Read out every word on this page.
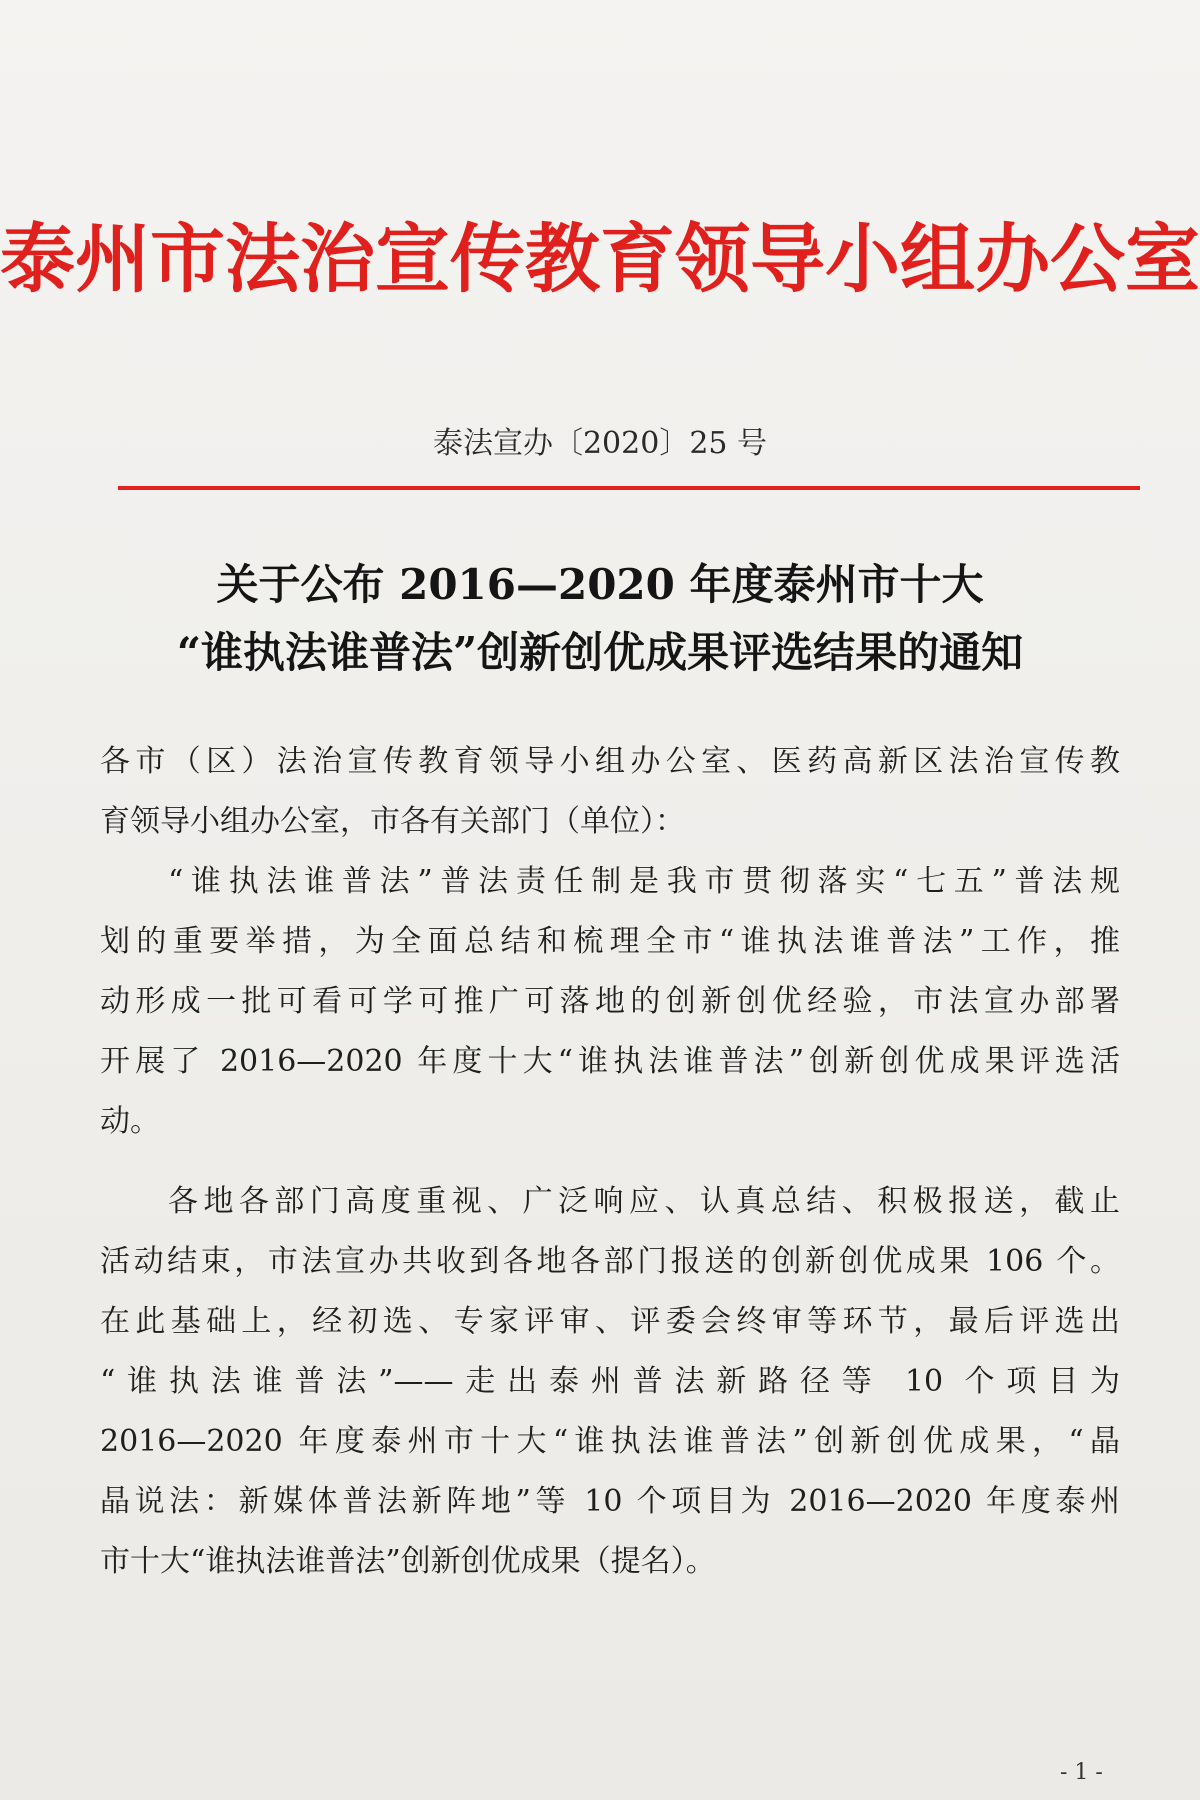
泰州市法治宣传教育领导小组办公室
泰法宣办〔2020〕25 号
关于公布 2016—2020 年度泰州市十大
“谁执法谁普法”创新创优成果评选结果的通知
各市（区）法治宣传教育领导小组办公室、医药高新区法治宣传教
育领导小组办公室，市各有关部门（单位）：
“谁执法谁普法”普法责任制是我市贯彻落实“七五”普法规
划的重要举措，为全面总结和梳理全市“谁执法谁普法”工作，推
动形成一批可看可学可推广可落地的创新创优经验，市法宣办部署
开展了 2016—2020 年度十大“谁执法谁普法”创新创优成果评选活
动。
各地各部门高度重视、广泛响应、认真总结、积极报送，截止
活动结束，市法宣办共收到各地各部门报送的创新创优成果 106 个。
在此基础上，经初选、专家评审、评委会终审等环节，最后评选出
“谁执法谁普法”——走出泰州普法新路径等 10 个项目为
2016—2020 年度泰州市十大“谁执法谁普法”创新创优成果，“晶
晶说法：新媒体普法新阵地”等 10 个项目为 2016—2020 年度泰州
市十大“谁执法谁普法”创新创优成果（提名）。
- 1 -
